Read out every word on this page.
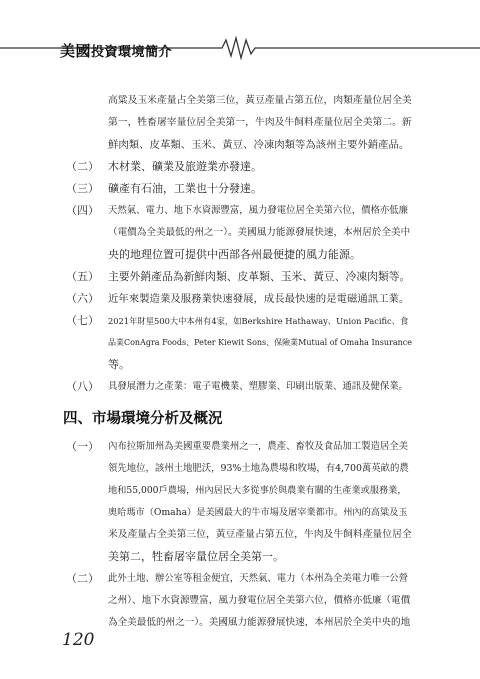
美國投資環境簡介
高粱及玉米產量占全美第三位，黃豆產量占第五位，肉類產量位居全美
第一，牲畜屠宰量位居全美第一，牛肉及牛飼料產量位居全美第二。新
鮮肉類、皮革類、玉米、黃豆、冷凍肉類等為該州主要外銷產品。
（二） 木材業、礦業及旅遊業亦發達。
（三） 礦產有石油，工業也十分發達。
（四） 天然氣、電力、地下水資源豐富，風力發電位居全美第六位，價格亦低廉
（電價為全美最低的州之一）。美國風力能源發展快速，本州居於全美中
央的地理位置可提供中西部各州最便捷的風力能源。
（五） 主要外銷產品為新鮮肉類、皮革類、玉米、黃豆、冷凍肉類等。
（六） 近年來製造業及服務業快速發展，成長最快速的是電磁通訊工業。
（七） 2021年財星500大中本州有4家，如Berkshire Hathaway、Union Pacific、食
品業ConAgra Foods、Peter Kiewit Sons、保險業Mutual of Omaha Insurance
等。
（八） 具發展潛力之產業：電子電機業、塑膠業、印刷出版業、通訊及健保業。
四、市場環境分析及概況
（一） 內布拉斯加州為美國重要農業州之一，農產、畜牧及食品加工製造居全美
領先地位，該州土地肥沃，93%土地為農場和牧場，有4,700萬英畝的農
地和55,000戶農場，州內居民大多從事於與農業有關的生產業或服務業，
奧哈瑪市（Omaha）是美國最大的牛市場及屠宰業都市。州內的高粱及玉
米及產量占全美第三位，黃豆產量占第五位，牛肉及牛飼料產量位居全
美第二，牲畜屠宰量位居全美第一。
（二） 此外土地、辦公室等租金便宜，天然氣、電力（本州為全美電力唯一公營
之州）、地下水資源豐富，風力發電位居全美第六位，價格亦低廉（電價
為全美最低的州之一）。美國風力能源發展快速，本州居於全美中央的地
120
